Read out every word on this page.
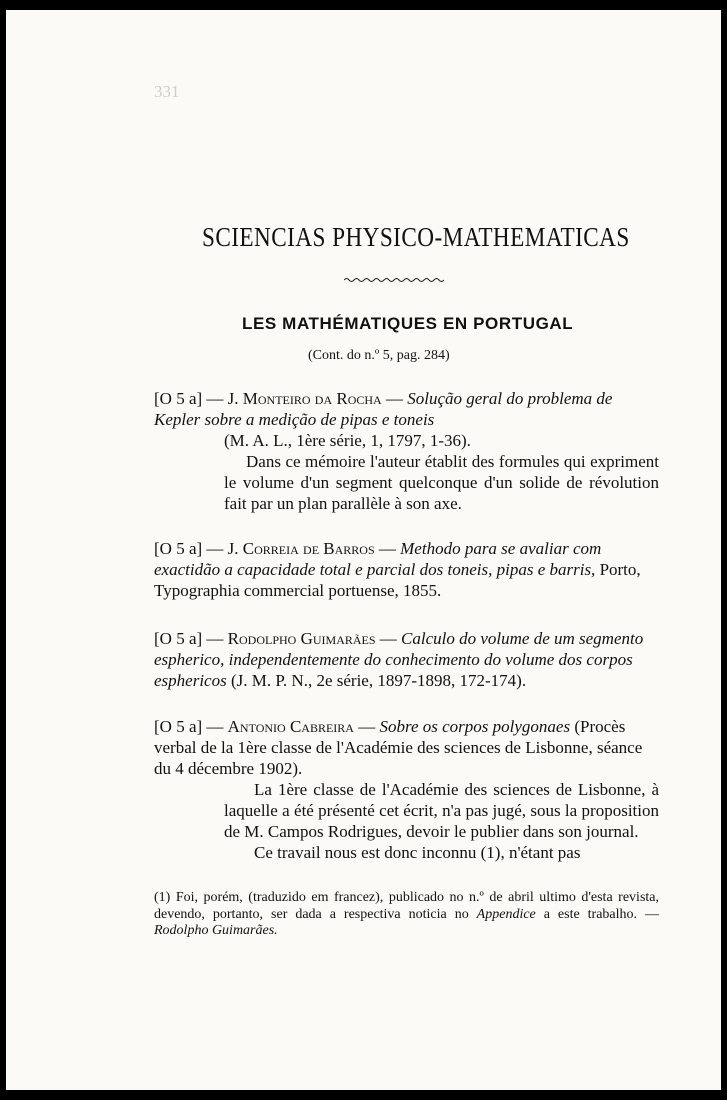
331
SCIENCIAS PHYSICO-MATHEMATICAS
LES MATHÉMATIQUES EN PORTUGAL
(Cont. do n.º 5, pag. 284)

[O 5 a] — J. Monteiro da Rocha — Solução geral do problema de Kepler sobre a medição de pipas e toneis

(M. A. L., 1ère série, 1, 1797, 1-36).

Dans ce mémoire l'auteur établit des formules qui expriment le volume d'un segment quelconque d'un solide de révolution fait par un plan parallèle à son axe.

[O 5 a] — J. Correia de Barros — Methodo para se avaliar com exactidão a capacidade total e parcial dos toneis, pipas e barris, Porto, Typographia commercial portuense, 1855.

[O 5 a] — Rodolpho Guimarães — Calculo do volume de um segmento espherico, independentemente do conhecimento do volume dos corpos esphericos (J. M. P. N., 2e série, 1897-1898, 172-174).

[O 5 a] — Antonio Cabreira — Sobre os corpos polygonaes (Procès verbal de la 1ère classe de l'Académie des sciences de Lisbonne, séance du 4 décembre 1902).

La 1ère classe de l'Académie des sciences de Lisbonne, à laquelle a été présenté cet écrit, n'a pas jugé, sous la proposition de M. Campos Rodrigues, devoir le publier dans son journal.

Ce travail nous est donc inconnu (1), n'étant pas

(1) Foi, porém, (traduzido em francez), publicado no n.º de abril ultimo d'esta revista, devendo, portanto, ser dada a respectiva noticia no Appendice a este trabalho. — Rodolpho Guimarães.
